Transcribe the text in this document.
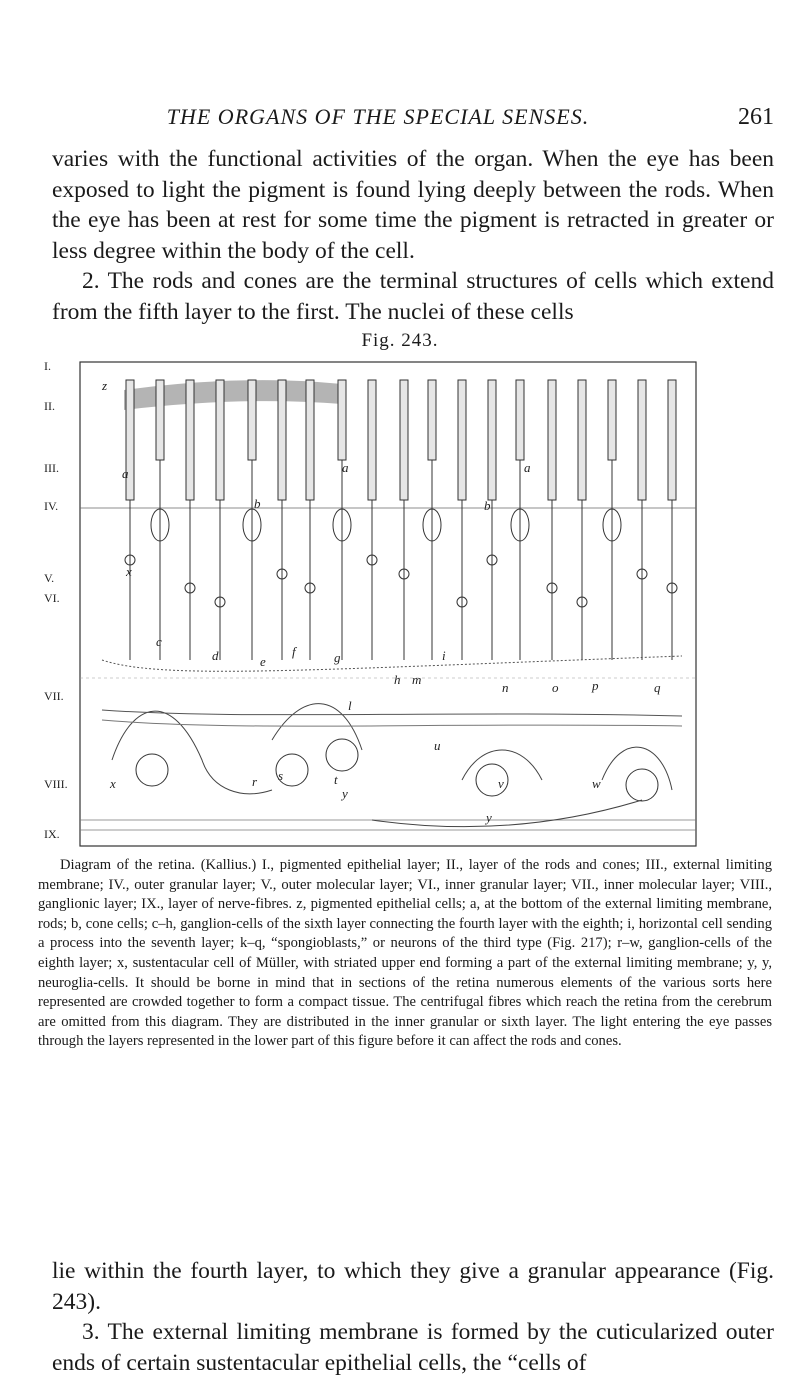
THE ORGANS OF THE SPECIAL SENSES.	261

varies with the functional activities of the organ. When the eye has been exposed to light the pigment is found lying deeply between the rods. When the eye has been at rest for some time the pigment is retracted in greater or less degree within the body of the cell.

2. The rods and cones are the terminal structures of cells which extend from the fifth layer to the first. The nuclei of these cells

Fig. 243.
I.
II.
III.
IV.
V.
VI.
VII.
VIII.
IX.
z
a	a	a
b	b
x
c
d	e
f	g
h
i
l
m
n	o	p	q
r s	t
u
v	w
x
y
y
Diagram of the retina. (Kallius.) I., pigmented epithelial layer; II., layer of the rods and cones; III., external limiting membrane; IV., outer granular layer; V., outer molecular layer; VI., inner granular layer; VII., inner molecular layer; VIII., ganglionic layer; IX., layer of nerve-fibres. z, pigmented epithelial cells; a, at the bottom of the external limiting membrane, rods; b, cone cells; c–h, ganglion-cells of the sixth layer connecting the fourth layer with the eighth; i, horizontal cell sending a process into the seventh layer; k–q, “spongioblasts,” or neurons of the third type (Fig. 217); r–w, ganglion-cells of the eighth layer; x, sustentacular cell of Müller, with striated upper end forming a part of the external limiting membrane; y, y, neuroglia-cells. It should be borne in mind that in sections of the retina numerous elements of the various sorts here represented are crowded together to form a compact tissue. The centrifugal fibres which reach the retina from the cerebrum are omitted from this diagram. They are distributed in the inner granular or sixth layer. The light entering the eye passes through the layers represented in the lower part of this figure before it can affect the rods and cones.

lie within the fourth layer, to which they give a granular appearance (Fig. 243).

3. The external limiting membrane is formed by the cuticularized outer ends of certain sustentacular epithelial cells, the “cells of
